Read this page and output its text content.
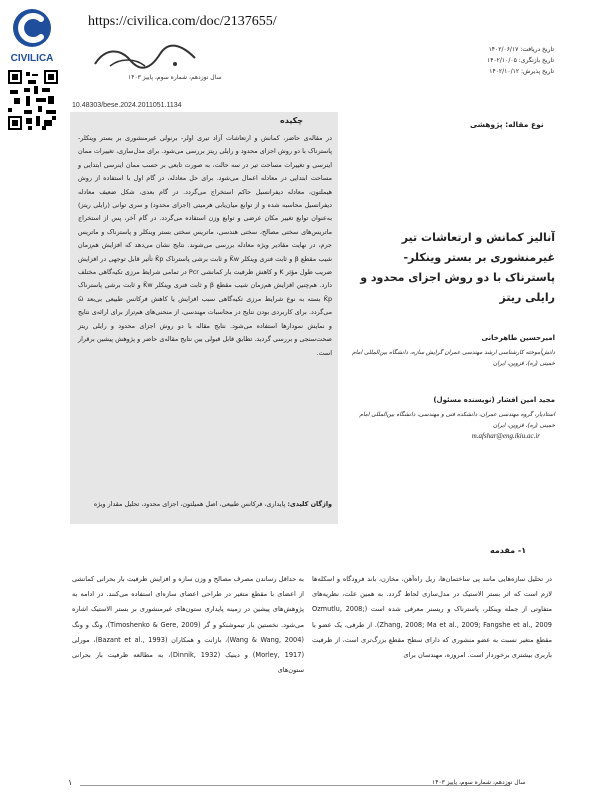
CIVILICA
https://civilica.com/doc/2137655/
سال نوزدهم، شماره سوم، پاییز ۱۴۰۳
تاریخ دریافت: ۱۴۰۲/۰۶/۱۷
تاریخ بازنگری: ۱۴۰۲/۱۰/۰۵
تاریخ پذیرش: ۱۴۰۲/۱۰/۱۲
10.48303/bese.2024.2011051.1134
چکیده
در مقاله‌ی حاضر، کمانش و ارتعاشات آزاد تیری اولر- برنولی غیرمنشوری بر بستر وینکلر- پاسترناک با دو روش اجزای محدود و رایلی ریتز بررسی می‌شود. برای مدل‌سازی، تغییرات ممان اینرسی و تغییرات مساحت تیر در سه حالت، به صورت تابعی بر حسب ممان اینرسی ابتدایی و مساحت ابتدایی در معادله اعمال می‌شود. برای حل معادله، در گام اول با استفاده از روش هیملتون، معادله دیفرانسیل حاکم استخراج می‌گردد. در گام بعدی، شکل ضعیف معادله دیفرانسیل محاسبه شده و از توابع میان‌یابی هرمیتی (اجزای محدود) و سری توانی (رایلی ریتز) به‌عنوان توابع تغییر مکان عرضی و توابع وزن استفاده می‌گردد. در گام آخر، پس از استخراج ماتریس‌های سختی مصالح، سختی هندسی، ماتریس سختی بستر وینکلر و پاسترناک و ماتریس جرم، در نهایت مقادیر ویژه معادله بررسی می‌شوند. نتایج نشان می‌دهد که افزایش هم‌زمان شیب مقطع β و ثابت فنری وینکلر K̄w و ثابت برشی پاسترناک K̄p تأثیر قابل توجهی در افزایش ضریب طول مؤثر K و کاهش ظرفیت بار کمانشی Pcr در تمامی شرایط مرزی تکیه‌گاهی مختلف دارد. هم‌چنین افزایش هم‌زمان شیب مقطع β و ثابت فنری وینکلر K̄w و ثابت برشی پاسترناک K̄p بسته به نوع شرایط مرزی تکیه‌گاهی سبب افزایش یا کاهش فرکانس طبیعی بی‌بعد ω̄ می‌گردد. برای کاربردی بودن نتایج در محاسبات مهندسی، از منحنی‌های هم‌تراز برای ارائه‌ی نتایج و نمایش نمودارها استفاده می‌شود. نتایج مقاله با دو روش اجزای محدود و رایلی ریتز صحت‌سنجی و بررسی گردید. تطابق قابل قبولی بین نتایج مقاله‌ی حاضر و پژوهش پیشین برقرار است.
واژگان کلیدی: پایداری، فرکانس طبیعی، اصل همیلتون، اجزای محدود، تحلیل مقدار ویژه
نوع مقاله: پژوهشی
آنالیز کمانش و ارتعاشات تیر غیرمنشوری بر بستر وینکلر- پاسترناک با دو روش اجزای محدود و رایلی ریتز
امیرحسین طاهرخانی
دانش‌آموخته کارشناسی ارشد مهندسی عمران گرایش سازه، دانشگاه بین‌المللی امام خمینی (ره)، قزوین، ایران
مجید امین افشار (نویسنده مسئول)
استادیار، گروه مهندسی عمران، دانشکده فنی و مهندسی، دانشگاه بین‌المللی امام خمینی (ره)، قزوین، ایران
m.afshar@eng.ikiu.ac.ir
۱- مقدمه
در تحلیل سازه‌هایی مانند پی ساختمان‌ها، ریل راه‌آهن، مخازن، باند فرودگاه و اسکله‌ها لازم است که اثر بستر الاستیک در مدل‌سازی لحاظ گردد. به همین علت، نظریه‌های متفاوتی از جمله وینکلر، پاسترناک و ریسنر معرفی شده است (Ozmutlu, 2008; Zhang, 2008; Ma et al., 2009; Fangshe et al., 2009). از طرفی، یک عضو با مقطع متغیر نسبت به عضو منشوری که دارای سطح مقطع بزرگ‌تری است، از ظرفیت باربری بیشتری برخوردار است. امروزه، مهندسان برای
به حداقل رساندن مصرف مصالح و وزن سازه و افزایش ظرفیت بار بحرانی کمانشی از اعضای با مقطع متغیر در طراحی اعضای سازه‌ای استفاده می‌کنند. در ادامه به پژوهش‌های پیشین در زمینه پایداری ستون‌های غیرمنشوری بر بستر الاستیک اشاره می‌شود. نخستین بار تیموشنکو و گر (Timoshenko & Gere, 2009)، ونگ و ونگ (Wang & Wang, 2004)، بازانت و همکاران (Bazant et al., 1993)، مورلی (Morley, 1917) و دینیک (Dinnik, 1932)، به مطالعه ظرفیت بار بحرانی ستون‌های
۱	سال نوزدهم، شماره سوم، پاییز ۱۴۰۳
